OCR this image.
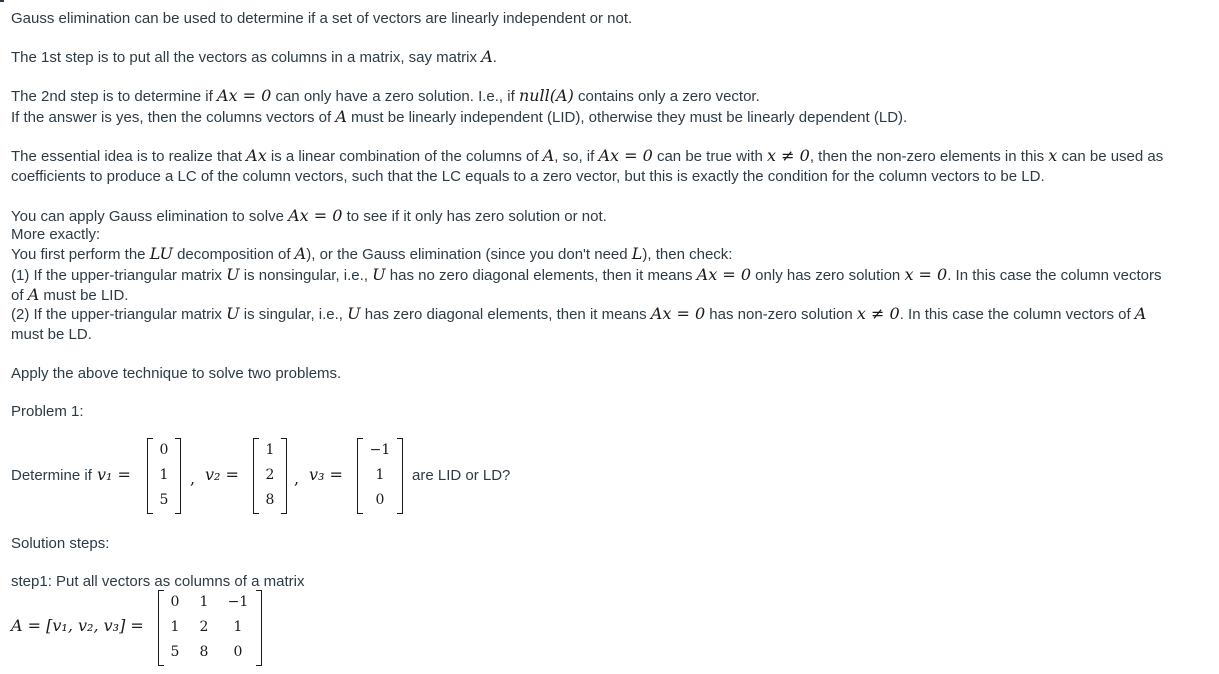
Gauss elimination can be used to determine if a set of vectors are linearly independent or not.
The 1st step is to put all the vectors as columns in a matrix, say matrix A.
The 2nd step is to determine if Ax = 0 can only have a zero solution. I.e., if null(A) contains only a zero vector.
If the answer is yes, then the columns vectors of A must be linearly independent (LID), otherwise they must be linearly dependent (LD).
The essential idea is to realize that Ax is a linear combination of the columns of A, so, if Ax = 0 can be true with x ≠ 0, then the non-zero elements in this x can be used as
coefficients to produce a LC of the column vectors, such that the LC equals to a zero vector, but this is exactly the condition for the column vectors to be LD.
You can apply Gauss elimination to solve Ax = 0 to see if it only has zero solution or not.
More exactly:
You first perform the LU decomposition of A), or the Gauss elimination (since you don't need L), then check:
(1) If the upper-triangular matrix U is nonsingular, i.e., U has no zero diagonal elements, then it means Ax = 0 only has zero solution x = 0. In this case the column vectors
of A must be LID.
(2) If the upper-triangular matrix U is singular, i.e., U has zero diagonal elements, then it means Ax = 0 has non-zero solution x ≠ 0. In this case the column vectors of A
must be LD.
Apply the above technique to solve two problems.
Problem 1:
Determine if v₁ =
0
1
5
, v₂ =
1
2
8
, v₃ =
−1
1
0
are LID or LD?
Solution steps:
step1: Put all vectors as columns of a matrix
A = [v₁, v₂, v₃] =
0	1	−1
1	2	1
5	8	0
